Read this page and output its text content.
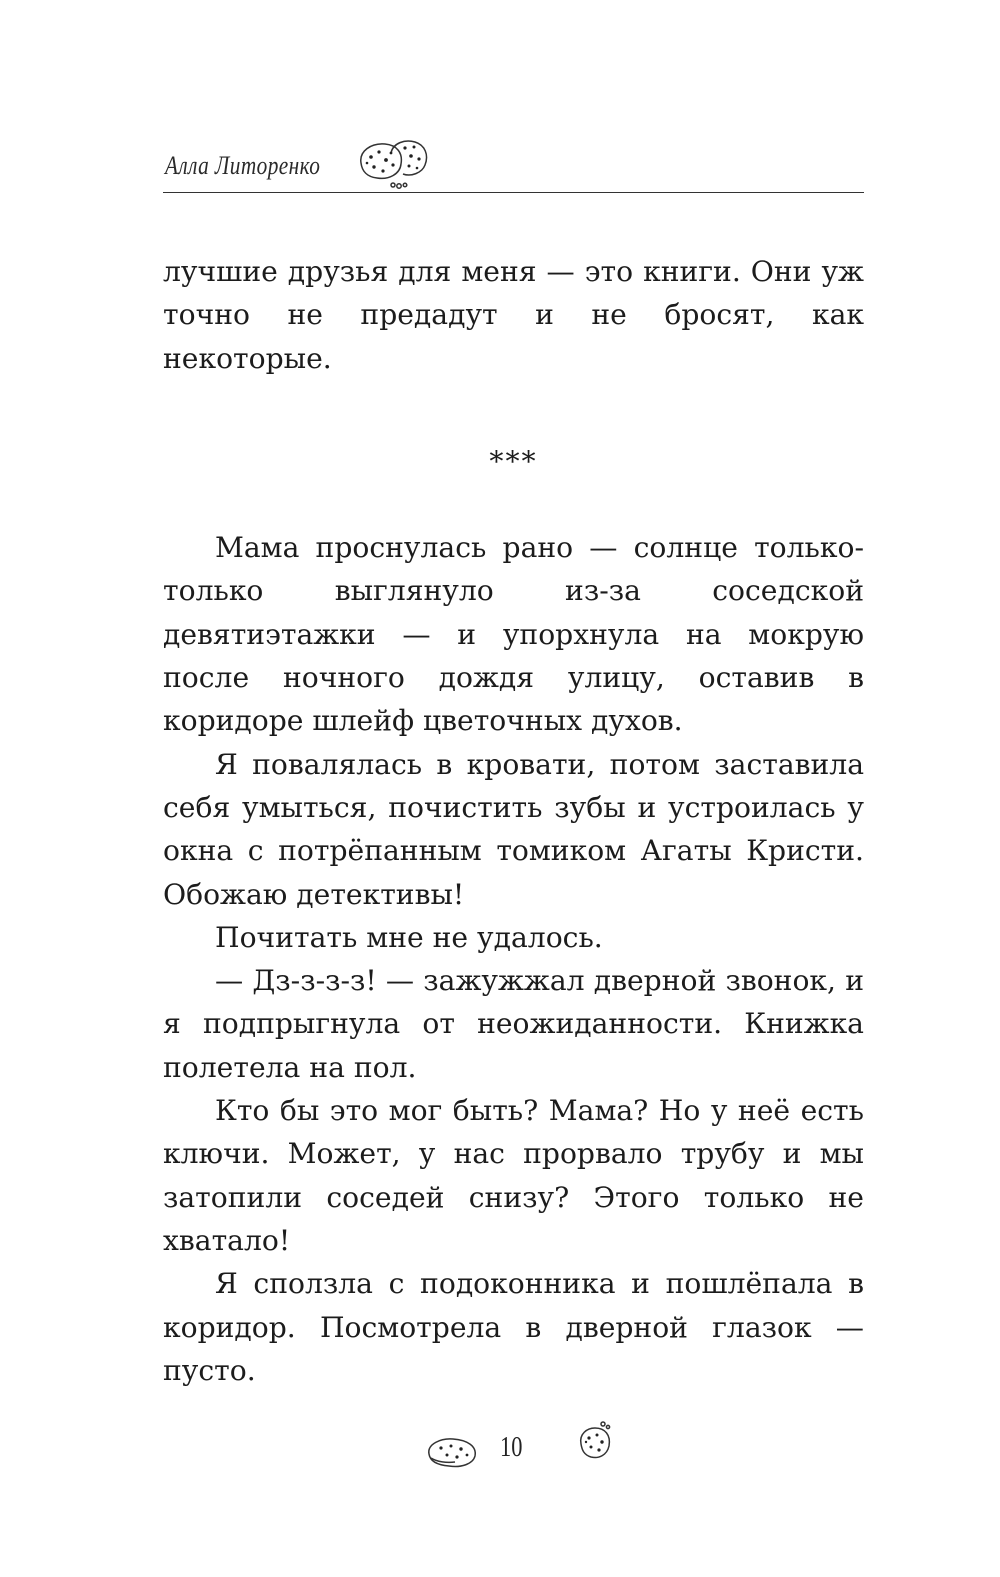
Алла Литоренко

лучшие друзья для меня — это книги. Они уж точно не предадут и не бросят, как некоторые.

***

Мама проснулась рано — солнце только-только выглянуло из-за соседской девятиэтажки — и упорхнула на мокрую после ночного дождя улицу, оставив в коридоре шлейф цветочных духов.

Я повалялась в кровати, потом заставила себя умыться, почистить зубы и устроилась у окна с потрёпанным томиком Агаты Кристи. Обожаю детективы!

Почитать мне не удалось.

— Дз-з-з-з! — зажужжал дверной звонок, и я подпрыгнула от неожиданности. Книжка полетела на пол.

Кто бы это мог быть? Мама? Но у неё есть ключи. Может, у нас прорвало трубу и мы затопили соседей снизу? Этого только не хватало!

Я сползла с подоконника и пошлёпала в коридор. Посмотрела в дверной глазок — пусто.

10
